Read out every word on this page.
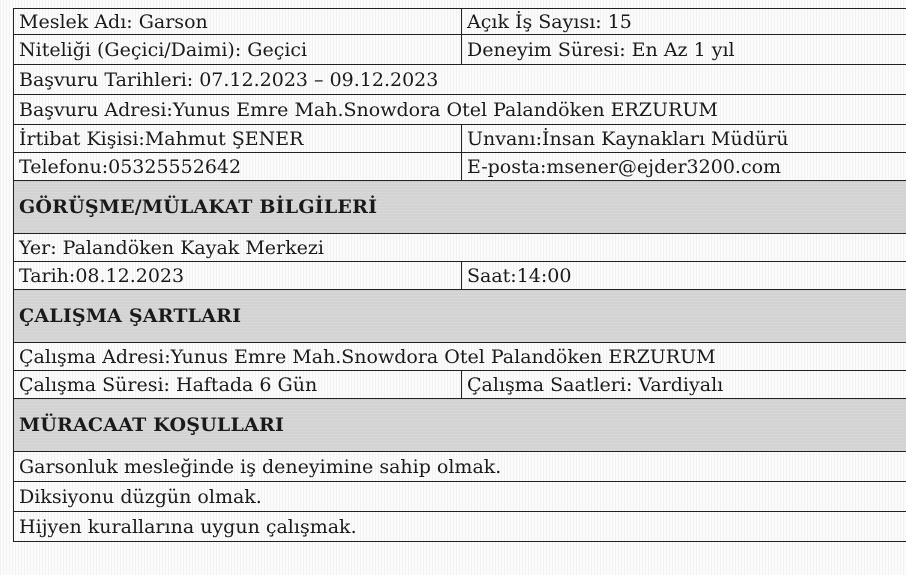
Meslek Adı: Garson	Açık İş Sayısı: 15
Niteliği (Geçici/Daimi): Geçici	Deneyim Süresi: En Az 1 yıl
Başvuru Tarihleri: 07.12.2023 – 09.12.2023	
Başvuru Adresi:Yunus Emre Mah.Snowdora Otel Palandöken ERZURUM	
İrtibat Kişisi:Mahmut ŞENER	Unvanı:İnsan Kaynakları Müdürü
Telefonu:05325552642	E-posta:msener@ejder3200.com
GÖRÜŞME/MÜLAKAT BİLGİLERİ	
Yer: Palandöken Kayak Merkezi	
Tarih:08.12.2023	Saat:14:00
ÇALIŞMA ŞARTLARI	
Çalışma Adresi:Yunus Emre Mah.Snowdora Otel Palandöken ERZURUM	
Çalışma Süresi: Haftada 6 Gün	Çalışma Saatleri: Vardiyalı
MÜRACAAT KOŞULLARI	
Garsonluk mesleğinde iş deneyimine sahip olmak.	
Diksiyonu düzgün olmak.	
Hijyen kurallarına uygun çalışmak.	
